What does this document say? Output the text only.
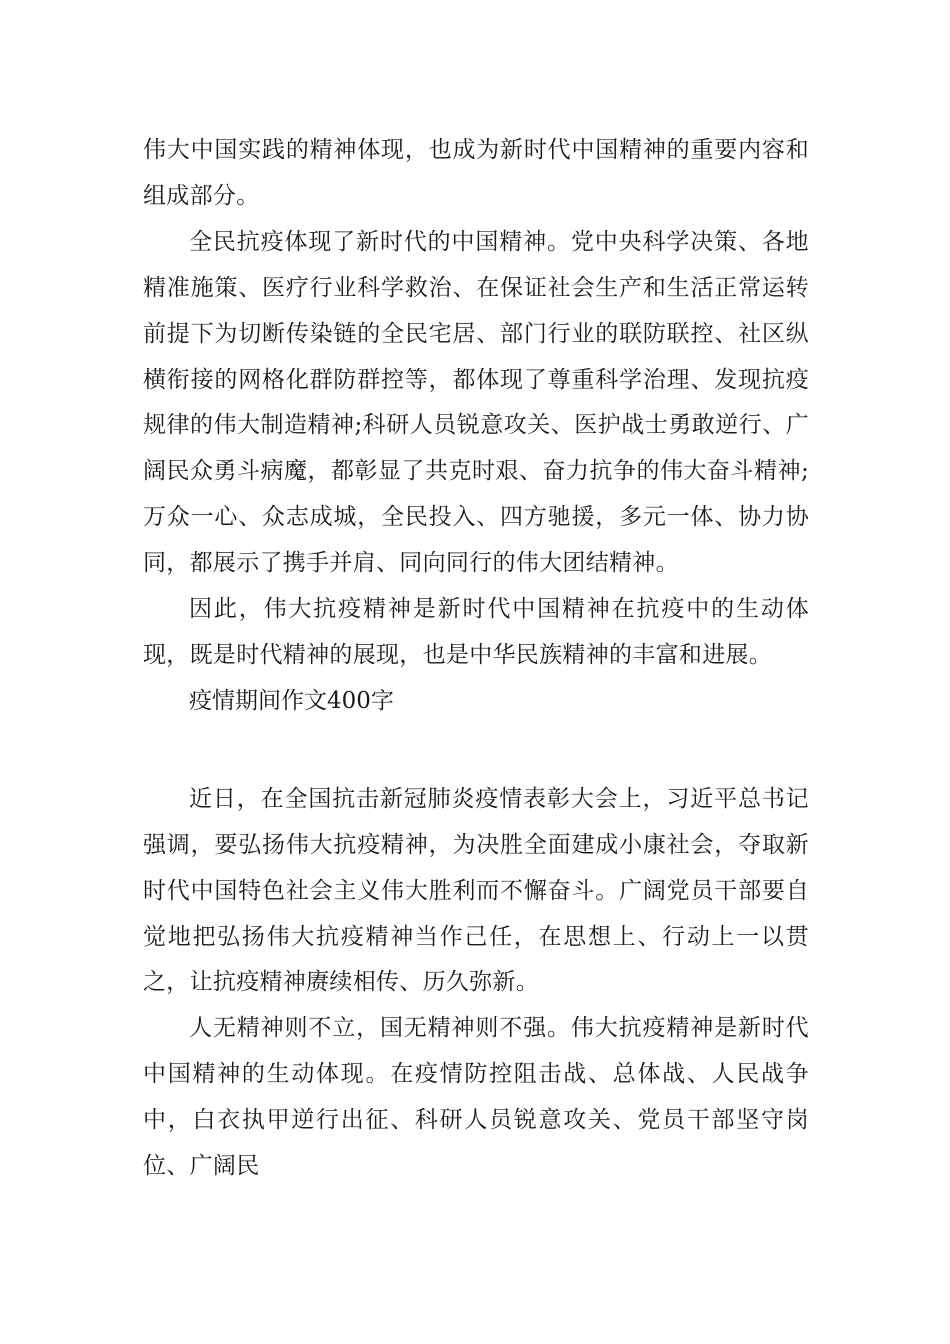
伟大中国实践的精神体现，也成为新时代中国精神的重要内容和组成部分。

全民抗疫体现了新时代的中国精神。党中央科学决策、各地精准施策、医疗行业科学救治、在保证社会生产和生活正常运转前提下为切断传染链的全民宅居、部门行业的联防联控、社区纵横衔接的网格化群防群控等，都体现了尊重科学治理、发现抗疫规律的伟大制造精神;科研人员锐意攻关、医护战士勇敢逆行、广阔民众勇斗病魔，都彰显了共克时艰、奋力抗争的伟大奋斗精神;万众一心、众志成城，全民投入、四方驰援，多元一体、协力协同，都展示了携手并肩、同向同行的伟大团结精神。

因此，伟大抗疫精神是新时代中国精神在抗疫中的生动体现，既是时代精神的展现，也是中华民族精神的丰富和进展。

疫情期间作文400字

近日，在全国抗击新冠肺炎疫情表彰大会上，习近平总书记强调，要弘扬伟大抗疫精神，为决胜全面建成小康社会，夺取新时代中国特色社会主义伟大胜利而不懈奋斗。广阔党员干部要自觉地把弘扬伟大抗疫精神当作己任，在思想上、行动上一以贯之，让抗疫精神赓续相传、历久弥新。

人无精神则不立，国无精神则不强。伟大抗疫精神是新时代中国精神的生动体现。在疫情防控阻击战、总体战、人民战争中，白衣执甲逆行出征、科研人员锐意攻关、党员干部坚守岗位、广阔民
